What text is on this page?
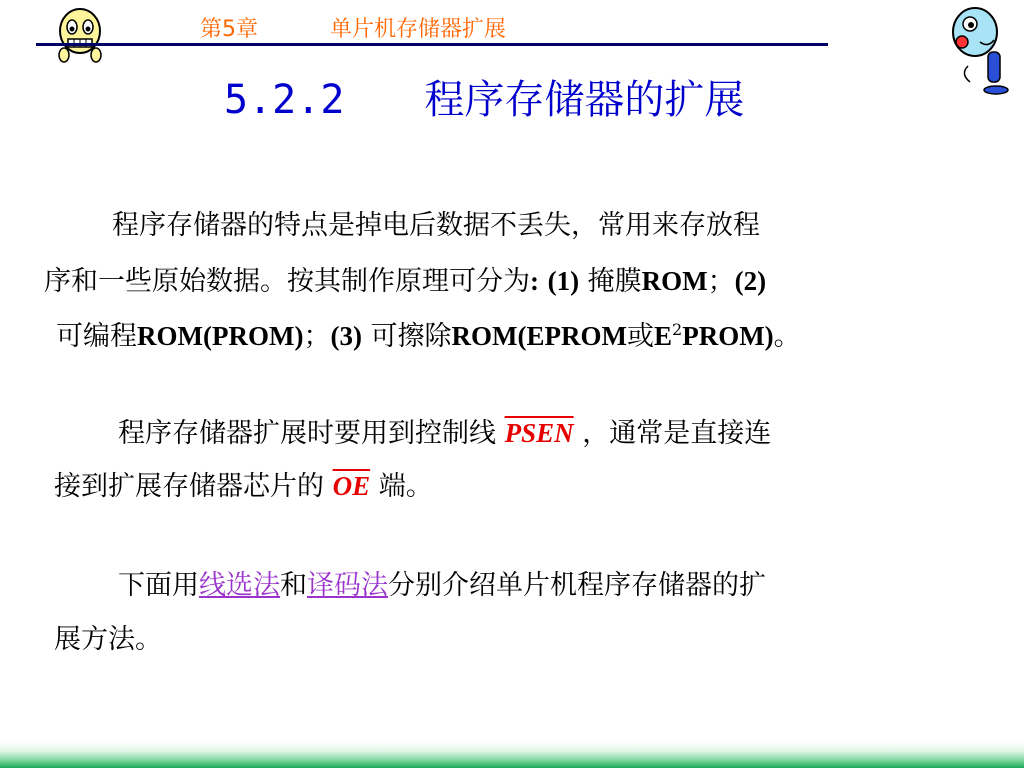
第5章	单片机存储器扩展
5.2.2 程序存储器的扩展
程序存储器的特点是掉电后数据不丢失，常用来存放程
序和一些原始数据。按其制作原理可分为: (1) 掩膜ROM；(2)
可编程ROM(PROM)；(3) 可擦除ROM(EPROM或$E^2PROM$)。
程序存储器扩展时要用到控制线 PSEN ，通常是直接连
接到扩展存储器芯片的 $\overline{OE}$ 端。
下面用线选法和译码法分别介绍单片机程序存储器的扩
展方法。
